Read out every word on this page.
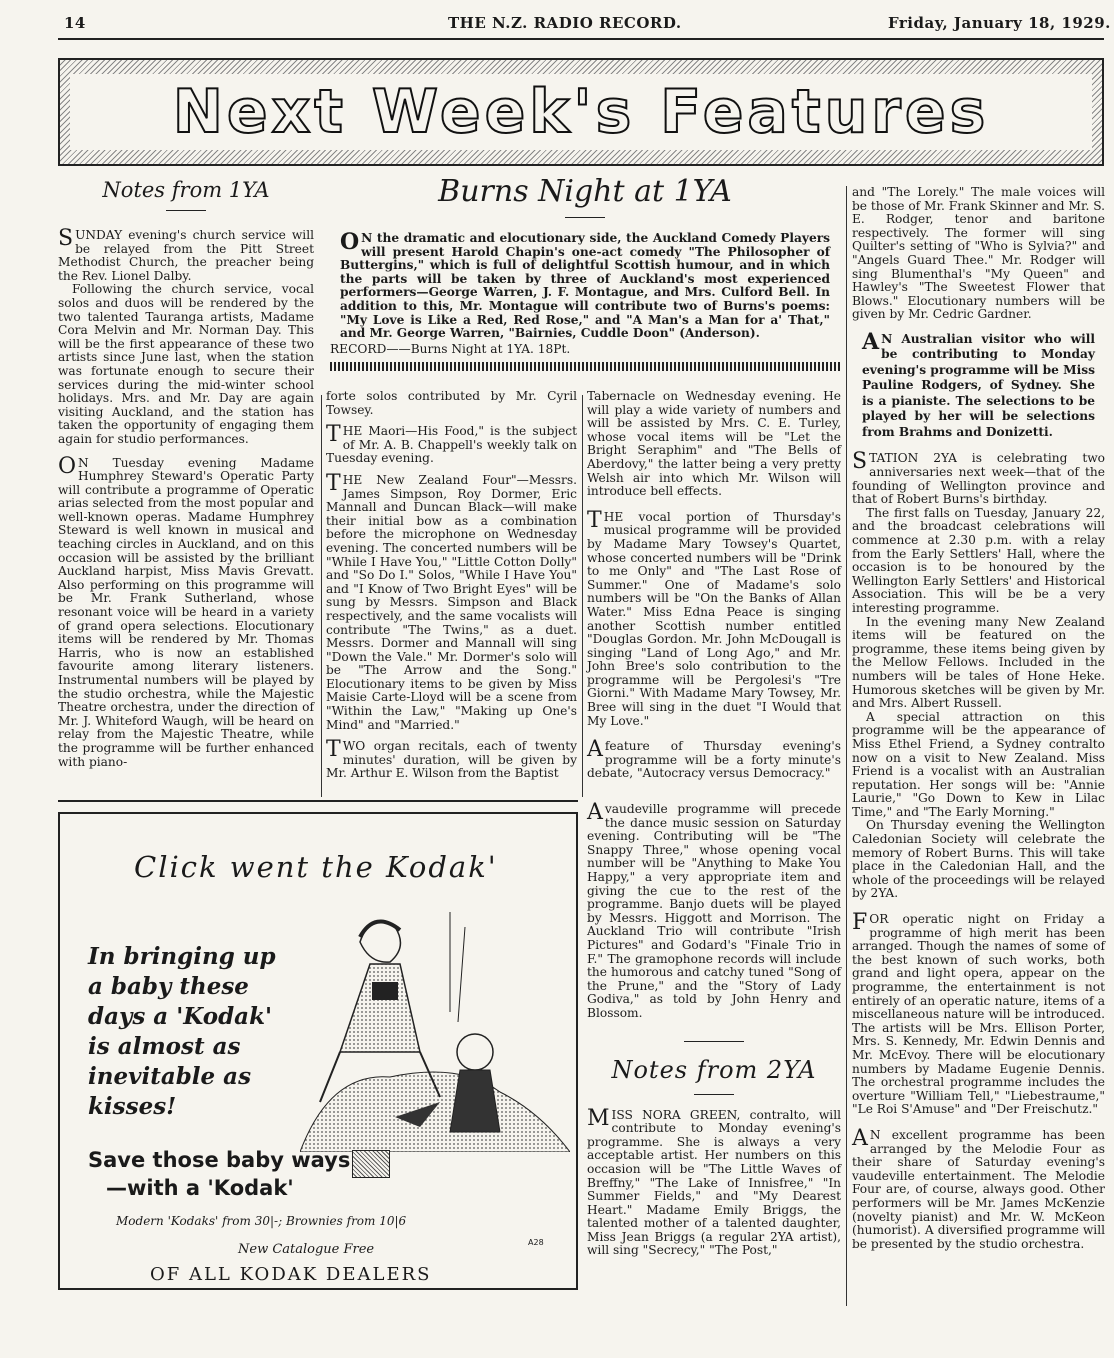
14	THE N.Z. RADIO RECORD.	Friday, January 18, 1929.
Next Week's Features
Notes from 1YA

SUNDAY evening's church service will be relayed from the Pitt Street Methodist Church, the preacher being the Rev. Lionel Dalby.

Following the church service, vocal solos and duos will be rendered by the two talented Tauranga artists, Madame Cora Melvin and Mr. Norman Day. This will be the first appearance of these two artists since June last, when the station was fortunate enough to secure their services during the mid-winter school holidays. Mrs. and Mr. Day are again visiting Auckland, and the station has taken the opportunity of engaging them again for studio performances.

O N Tuesday evening Madame Humphrey Steward's Operatic Party will contribute a programme of Operatic arias selected from the most popular and well-known operas. Madame Humphrey Steward is well known in musical and teaching circles in Auckland, and on this occasion will be assisted by the brilliant Auckland harpist, Miss Mavis Grevatt. Also performing on this programme will be Mr. Frank Sutherland, whose resonant voice will be heard in a variety of grand opera selections. Elocutionary items will be rendered by Mr. Thomas Harris, who is now an established favourite among literary listeners. Instrumental numbers will be played by the studio orchestra, while the Majestic Theatre orchestra, under the direction of Mr. J. Whiteford Waugh, will be heard on relay from the Majestic Theatre, while the programme will be further enhanced with piano-

Burns Night at 1YA

O N the dramatic and elocutionary side, the Auckland Comedy Players will present Harold Chapin's one-act comedy "The Philosopher of Buttergins," which is full of delightful Scottish humour, and in which the parts will be taken by three of Auckland's most experienced performers—George Warren, J. F. Montague, and Mrs. Culford Bell. In addition to this, Mr. Montague will contribute two of Burns's poems: "My Love is Like a Red, Red Rose," and "A Man's a Man for a' That," and Mr. George Warren, "Bairnies, Cuddle Doon" (Anderson).

RECORD——Burns Night at 1YA. 18Pt.

forte solos contributed by Mr. Cyril Towsey.

THE Maori—His Food," is the subject of Mr. A. B. Chappell's weekly talk on Tuesday evening.

THE New Zealand Four"—Messrs. James Simpson, Roy Dormer, Eric Mannall and Duncan Black—will make their initial bow as a combination before the microphone on Wednesday evening. The concerted numbers will be "While I Have You," "Little Cotton Dolly" and "So Do I." Solos, "While I Have You" and "I Know of Two Bright Eyes" will be sung by Messrs. Simpson and Black respectively, and the same vocalists will contribute "The Twins," as a duet. Messrs. Dormer and Mannall will sing "Down the Vale." Mr. Dormer's solo will be "The Arrow and the Song." Elocutionary items to be given by Miss Maisie Carte-Lloyd will be a scene from "Within the Law," "Making up One's Mind" and "Married."

TWO organ recitals, each of twenty minutes' duration, will be given by Mr. Arthur E. Wilson from the Baptist

Tabernacle on Wednesday evening. He will play a wide variety of numbers and will be assisted by Mrs. C. E. Turley, whose vocal items will be "Let the Bright Seraphim" and "The Bells of Aberdovy," the latter being a very pretty Welsh air into which Mr. Wilson will introduce bell effects.

THE vocal portion of Thursday's musical programme will be provided by Madame Mary Towsey's Quartet, whose concerted numbers will be "Drink to me Only" and "The Last Rose of Summer." One of Madame's solo numbers will be "On the Banks of Allan Water." Miss Edna Peace is singing another Scottish number entitled "Douglas Gordon. Mr. John McDougall is singing "Land of Long Ago," and Mr. John Bree's solo contribution to the programme will be Pergolesi's "Tre Giorni." With Madame Mary Towsey, Mr. Bree will sing in the duet "I Would that My Love."

Afeature of Thursday evening's programme will be a forty minute's debate, "Autocracy versus Democracy."

Avaudeville programme will precede the dance music session on Saturday evening. Contributing will be "The Snappy Three," whose opening vocal number will be "Anything to Make You Happy," a very appropriate item and giving the cue to the rest of the programme. Banjo duets will be played by Messrs. Higgott and Morrison. The Auckland Trio will contribute "Irish Pictures" and Godard's "Finale Trio in F." The gramophone records will include the humorous and catchy tuned "Song of the Prune," and the "Story of Lady Godiva," as told by John Henry and Blossom.

Notes from 2YA

MISS NORA GREEN, contralto, will contribute to Monday evening's programme. She is always a very acceptable artist. Her numbers on this occasion will be "The Little Waves of Breffny," "The Lake of Innisfree," "In Summer Fields," and "My Dearest Heart." Madame Emily Briggs, the talented mother of a talented daughter, Miss Jean Briggs (a regular 2YA artist), will sing "Secrecy," "The Post,"

and "The Lorely." The male voices will be those of Mr. Frank Skinner and Mr. S. E. Rodger, tenor and baritone respectively. The former will sing Quilter's setting of "Who is Sylvia?" and "Angels Guard Thee." Mr. Rodger will sing Blumenthal's "My Queen" and Hawley's "The Sweetest Flower that Blows." Elocutionary numbers will be given by Mr. Cedric Gardner.

A N Australian visitor who will be contributing to Monday evening's programme will be Miss Pauline Rodgers, of Sydney. She is a pianiste. The selections to be played by her will be selections from Brahms and Donizetti.

STATION 2YA is celebrating two anniversaries next week—that of the founding of Wellington province and that of Robert Burns's birthday.

The first falls on Tuesday, January 22, and the broadcast celebrations will commence at 2.30 p.m. with a relay from the Early Settlers' Hall, where the occasion is to be honoured by the Wellington Early Settlers' and Historical Association. This will be be a very interesting programme.

In the evening many New Zealand items will be featured on the programme, these items being given by the Mellow Fellows. Included in the numbers will be tales of Hone Heke. Humorous sketches will be given by Mr. and Mrs. Albert Russell.

A special attraction on this programme will be the appearance of Miss Ethel Friend, a Sydney contralto now on a visit to New Zealand. Miss Friend is a vocalist with an Australian reputation. Her songs will be: "Annie Laurie," "Go Down to Kew in Lilac Time," and "The Early Morning."

On Thursday evening the Wellington Caledonian Society will celebrate the memory of Robert Burns. This will take place in the Caledonian Hall, and the whole of the proceedings will be relayed by 2YA.

FOR operatic night on Friday a programme of high merit has been arranged. Though the names of some of the best known of such works, both grand and light opera, appear on the programme, the entertainment is not entirely of an operatic nature, items of a miscellaneous nature will be introduced. The artists will be Mrs. Ellison Porter, Mrs. S. Kennedy, Mr. Edwin Dennis and Mr. McEvoy. There will be elocutionary numbers by Madame Eugenie Dennis. The orchestral programme includes the overture "William Tell," "Liebestraume," "Le Roi S'Amuse" and "Der Freischutz."

A N excellent programme has been arranged by the Melodie Four as their share of Saturday evening's vaudeville entertainment. The Melodie Four are, of course, always good. Other performers will be Mr. James McKenzie (novelty pianist) and Mr. W. McKeon (humorist). A diversified programme will be presented by the studio orchestra.

Click went the Kodak'
In bringing up
a baby these
days a 'Kodak'
is almost as
inevitable as
kisses!
Save those baby ways
—with a 'Kodak'
Modern 'Kodaks' from 30|-; Brownies from 10|6
New Catalogue Free
OF ALL KODAK DEALERS
A28
